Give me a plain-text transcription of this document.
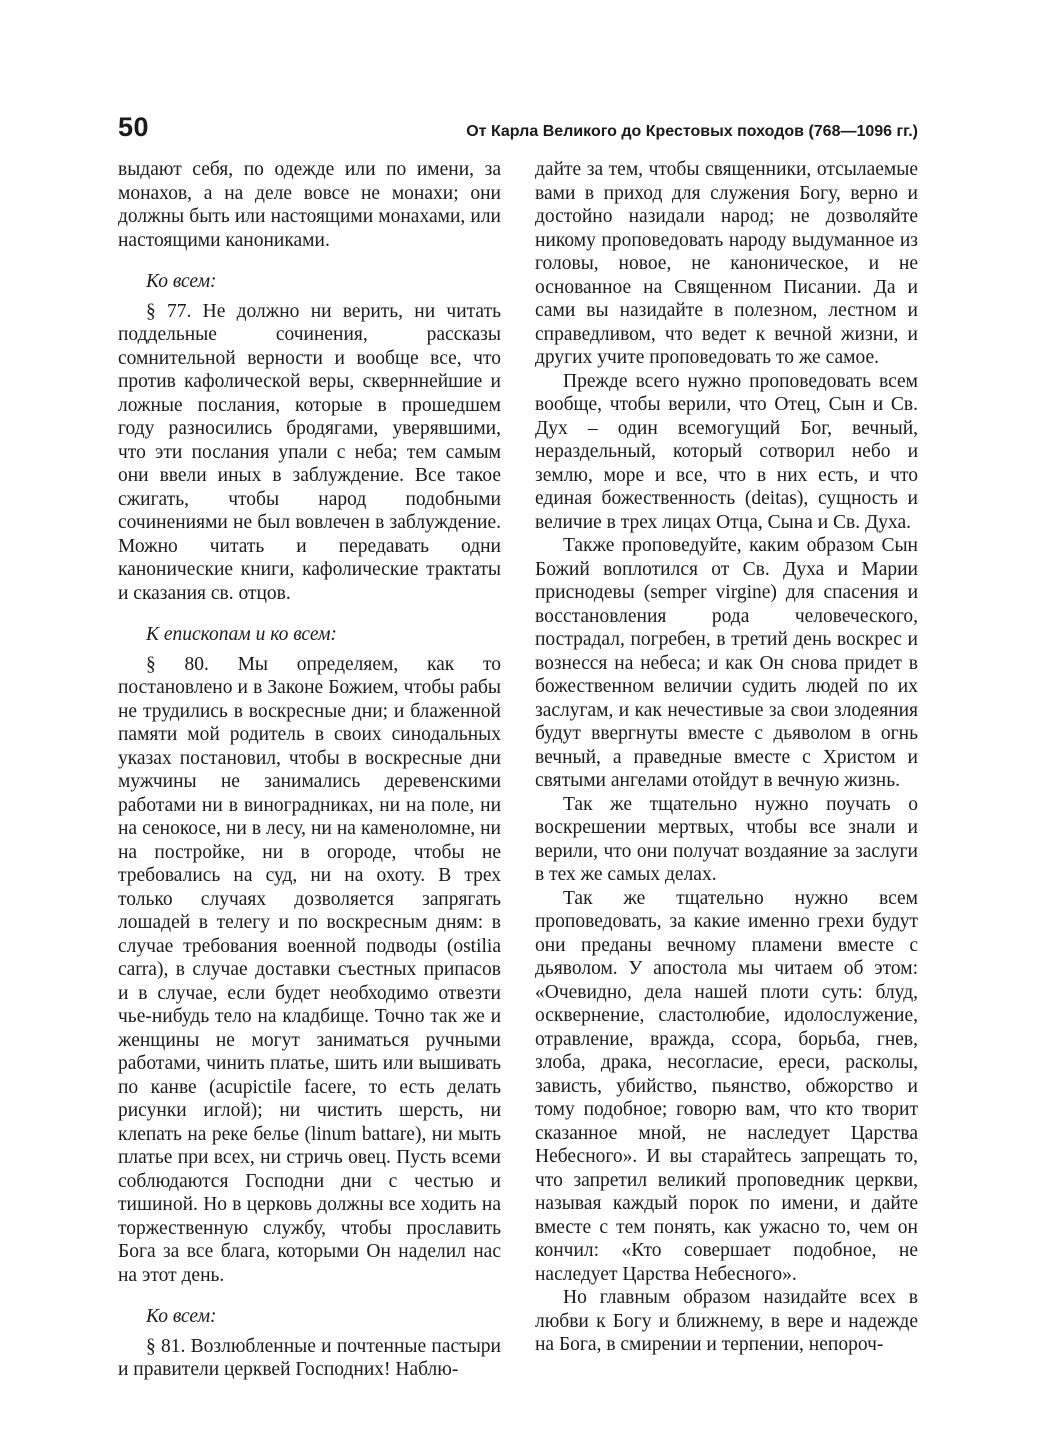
50	От Карла Великого до Крестовых походов (768—1096 гг.)

выдают себя, по одежде или по имени, за монахов, а на деле вовсе не монахи; они должны быть или настоящими монахами, или настоящими канониками.

Ко всем:

§ 77. Не должно ни верить, ни читать поддельные сочинения, рассказы сомнительной верности и вообще все, что против кафолической веры, скверннейшие и ложные послания, которые в прошедшем году разносились бродягами, уверявшими, что эти послания упали с неба; тем самым они ввели иных в заблуждение. Все такое сжигать, чтобы народ подобными сочинениями не был вовлечен в заблуждение. Можно читать и передавать одни канонические книги, кафолические трактаты и сказания св. отцов.

К епископам и ко всем:

§ 80. Мы определяем, как то постановлено и в Законе Божием, чтобы рабы не трудились в воскресные дни; и блаженной памяти мой родитель в своих синодальных указах постановил, чтобы в воскресные дни мужчины не занимались деревенскими работами ни в виноградниках, ни на поле, ни на сенокосе, ни в лесу, ни на каменоломне, ни на постройке, ни в огороде, чтобы не требовались на суд, ни на охоту. В трех только случаях дозволяется запрягать лошадей в телегу и по воскресным дням: в случае требования военной подводы (ostilia carra), в случае доставки съестных припасов и в случае, если будет необходимо отвезти чье-нибудь тело на кладбище. Точно так же и женщины не могут заниматься ручными работами, чинить платье, шить или вышивать по канве (acupictile facere, то есть делать рисунки иглой); ни чистить шерсть, ни клепать на реке белье (linum battare), ни мыть платье при всех, ни стричь овец. Пусть всеми соблюдаются Господни дни с честью и тишиной. Но в церковь должны все ходить на торжественную службу, чтобы прославить Бога за все блага, которыми Он наделил нас на этот день.

Ко всем:

§ 81. Возлюбленные и почтенные пастыри и правители церквей Господних! Наблю-

дайте за тем, чтобы священники, отсылаемые вами в приход для служения Богу, верно и достойно назидали народ; не дозволяйте никому проповедовать народу выдуманное из головы, новое, не каноническое, и не основанное на Священном Писании. Да и сами вы назидайте в полезном, лестном и справедливом, что ведет к вечной жизни, и других учите проповедовать то же самое.

Прежде всего нужно проповедовать всем вообще, чтобы верили, что Отец, Сын и Св. Дух – один всемогущий Бог, вечный, нераздельный, который сотворил небо и землю, море и все, что в них есть, и что единая божественность (deitas), сущность и величие в трех лицах Отца, Сына и Св. Духа.

Также проповедуйте, каким образом Сын Божий воплотился от Св. Духа и Марии приснодевы (semper virgine) для спасения и восстановления рода человеческого, пострадал, погребен, в третий день воскрес и вознесся на небеса; и как Он снова придет в божественном величии судить людей по их заслугам, и как нечестивые за свои злодеяния будут ввергнуты вместе с дьяволом в огнь вечный, а праведные вместе с Христом и святыми ангелами отойдут в вечную жизнь.

Так же тщательно нужно поучать о воскрешении мертвых, чтобы все знали и верили, что они получат воздаяние за заслуги в тех же самых делах.

Так же тщательно нужно всем проповедовать, за какие именно грехи будут они преданы вечному пламени вместе с дьяволом. У апостола мы читаем об этом: «Очевидно, дела нашей плоти суть: блуд, осквернение, сластолюбие, идолослужение, отравление, вражда, ссора, борьба, гнев, злоба, драка, несогласие, ереси, расколы, зависть, убийство, пьянство, обжорство и тому подобное; говорю вам, что кто творит сказанное мной, не наследует Царства Небесного». И вы старайтесь запрещать то, что запретил великий проповедник церкви, называя каждый порок по имени, и дайте вместе с тем понять, как ужасно то, чем он кончил: «Кто совершает подобное, не наследует Царства Небесного».

Но главным образом назидайте всех в любви к Богу и ближнему, в вере и надежде на Бога, в смирении и терпении, непороч-
